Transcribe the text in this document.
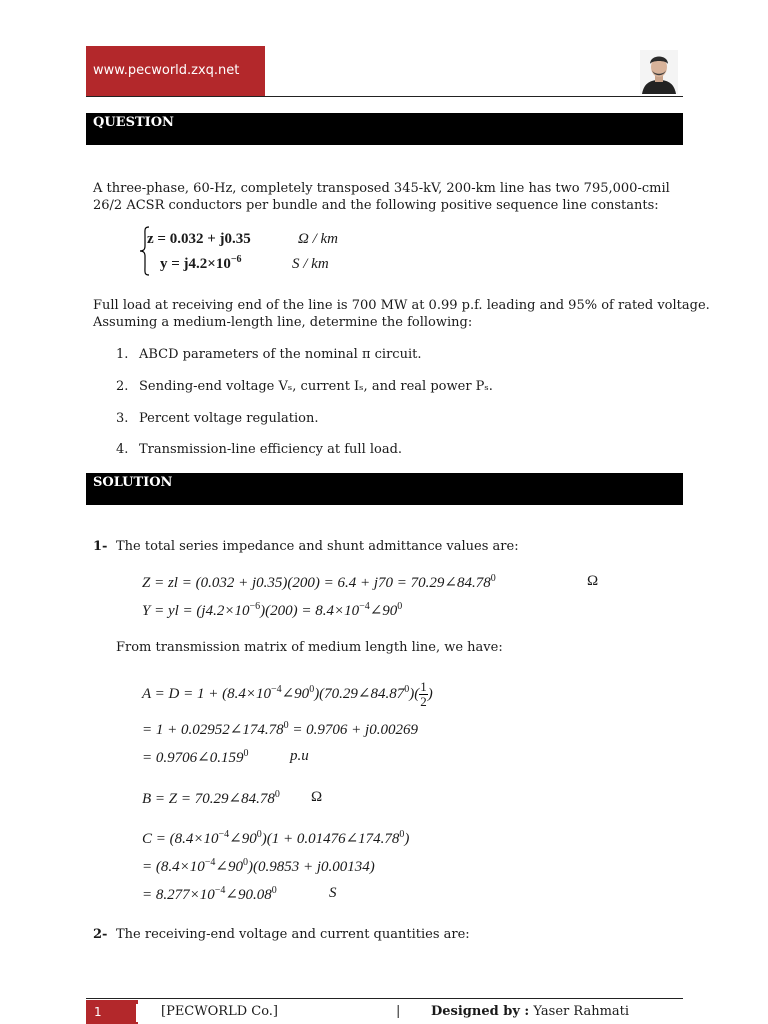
www.pecworld.zxq.net
QUESTION
A three-phase, 60-Hz, completely transposed 345-kV, 200-km line has two 795,000-cmil
26/2 ACSR conductors per bundle and the following positive sequence line constants:
z = 0.032 + j0.35	Ω / km
$y = j4.2\times 10^{-6}$	S / km
Full load at receiving end of the line is 700 MW at 0.99 p.f. leading and 95% of rated voltage.
Assuming a medium-length line, determine the following:
1. ABCD parameters of the nominal π circuit.
2. Sending-end voltage Vₛ, current Iₛ, and real power Pₛ.
3. Percent voltage regulation.
4. Transmission-line efficiency at full load.
SOLUTION
1- The total series impedance and shunt admittance values are:
Z = zl = $(0.032 + j0.35)(200) = 6.4 + j70 = 70.29\angle 84.78^0$	Ω
Y = yl = $(j4.2\times 10^{-6})(200)$ = $8.4\times 10^{-4}\angle 90^0$
From transmission matrix of medium length line, we have:
$A = D = 1 + (8.4\times 10^{-4}\angle 90^0)(70.29\angle 84.87^0)( \frac{1}{2}$ )
= $1 + 0.02952\angle 174.78^0 = 0.9706 + j0.00269$
= $0.9706\angle 0.159^0$	p.u
$B = Z = 70.29\angle 84.78^0$ Ω
$C = (8.4\times 10^{-4}\angle 90^0)(1$ + $0.01476\angle 174.78^0$)
= $(8.4\times 10^{-4}\angle 90^0)(0.9853 + j0.00134)$
= $8.277\times 10^{-4}\angle 90.08^0$	S
2- The receiving-end voltage and current quantities are:
1	[PECWORLD Co.]	| Designed by : Yaser Rahmati
